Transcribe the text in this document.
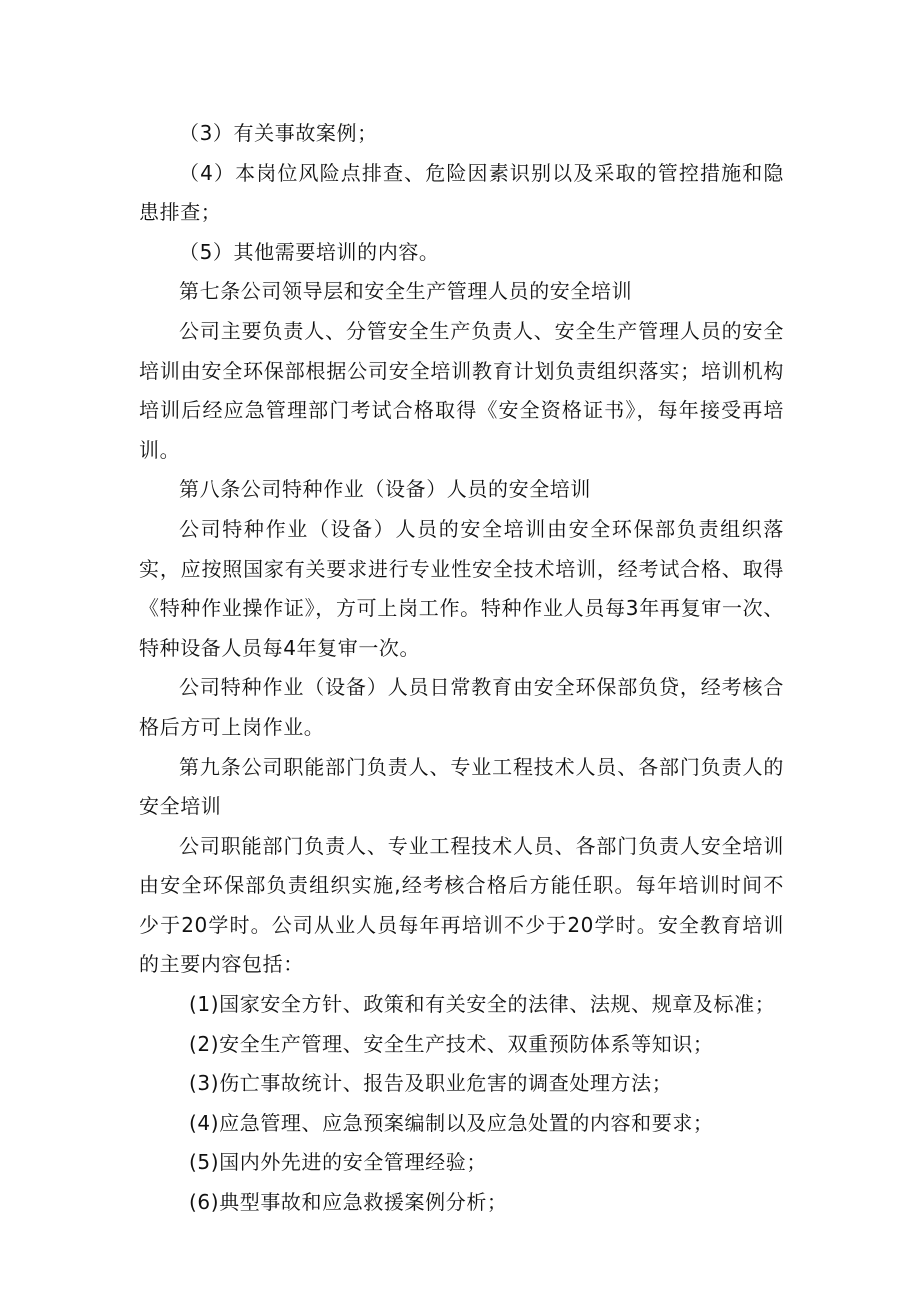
（3）有关事故案例；

（4）本岗位风险点排查、危险因素识别以及采取的管控措施和隐患排查；

（5）其他需要培训的内容。

第七条公司领导层和安全生产管理人员的安全培训

公司主要负责人、分管安全生产负责人、安全生产管理人员的安全培训由安全环保部根据公司安全培训教育计划负责组织落实；培训机构培训后经应急管理部门考试合格取得《安全资格证书》，每年接受再培训。

第八条公司特种作业（设备）人员的安全培训

公司特种作业（设备）人员的安全培训由安全环保部负责组织落实，应按照国家有关要求进行专业性安全技术培训，经考试合格、取得《特种作业操作证》，方可上岗工作。特种作业人员每3年再复审一次、特种设备人员每4年复审一次。

公司特种作业（设备）人员日常教育由安全环保部负贷，经考核合格后方可上岗作业。

第九条公司职能部门负责人、专业工程技术人员、各部门负责人的安全培训

公司职能部门负责人、专业工程技术人员、各部门负责人安全培训由安全环保部负责组织实施,经考核合格后方能任职。每年培训时间不少于20学时。公司从业人员每年再培训不少于20学时。安全教育培训的主要内容包括：

(1)国家安全方针、政策和有关安全的法律、法规、规章及标准；

(2)安全生产管理、安全生产技术、双重预防体系等知识；

(3)伤亡事故统计、报告及职业危害的调查处理方法；

(4)应急管理、应急预案编制以及应急处置的内容和要求；

(5)国内外先进的安全管理经验；

(6)典型事故和应急救援案例分析；
